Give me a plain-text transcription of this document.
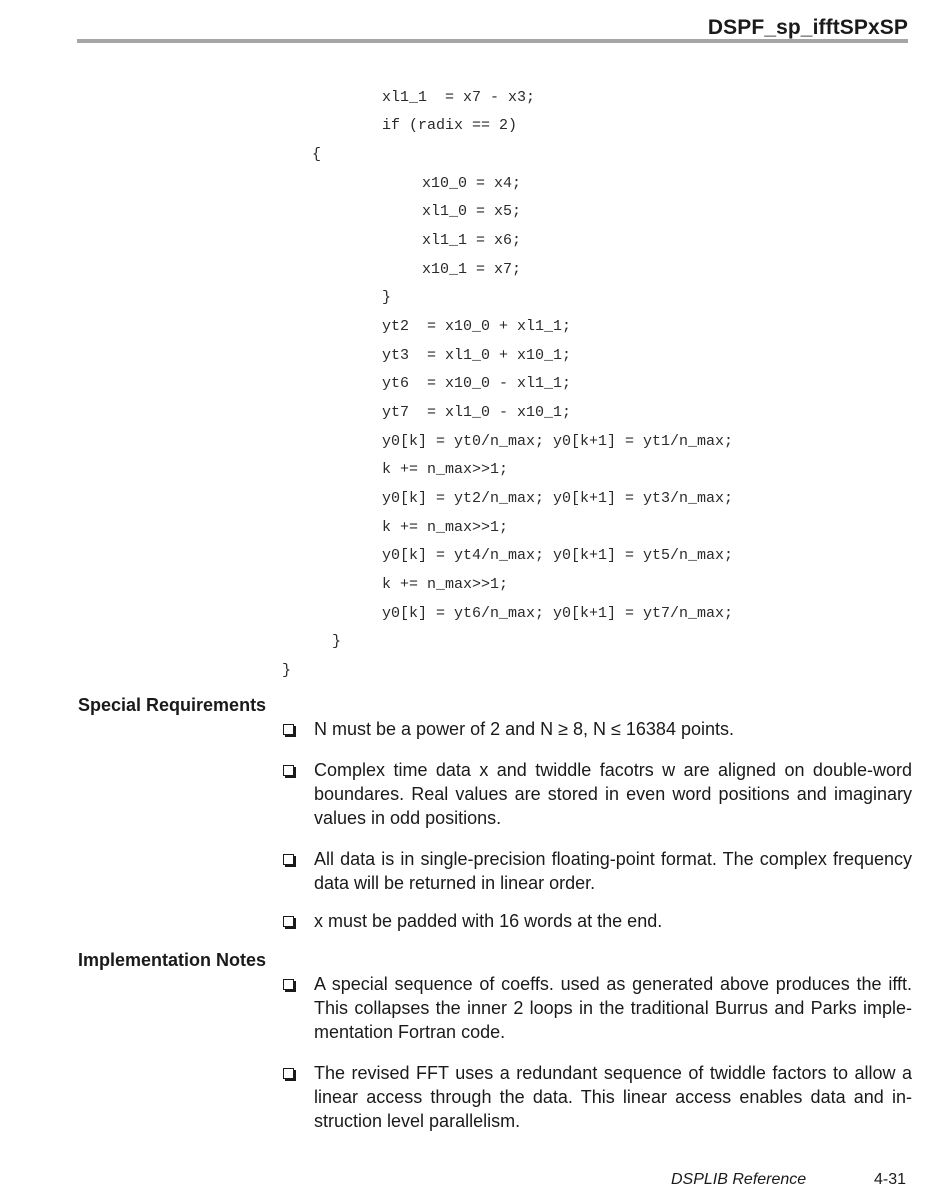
DSPF_sp_ifftSPxSP
xl1_1  = x7 - x3;
if (radix == 2)
{
x10_0 = x4;
xl1_0 = x5;
xl1_1 = x6;
x10_1 = x7;
}
yt2  = x10_0 + xl1_1;
yt3  = xl1_0 + x10_1;
yt6  = x10_0 - xl1_1;
yt7  = xl1_0 - x10_1;
y0[k] = yt0/n_max; y0[k+1] = yt1/n_max;
k += n_max>>1;
y0[k] = yt2/n_max; y0[k+1] = yt3/n_max;
k += n_max>>1;
y0[k] = yt4/n_max; y0[k+1] = yt5/n_max;
k += n_max>>1;
y0[k] = yt6/n_max; y0[k+1] = yt7/n_max;
}
}
Special Requirements
N must be a power of 2 and N ≥ 8, N ≤ 16384 points.
Complex time data x and twiddle facotrs w are aligned on double-word boundares. Real values are stored in even word positions and imaginary values in odd positions.
All data is in single-precision floating-point format. The complex frequency data will be returned in linear order.
x must be padded with 16 words at the end.
Implementation Notes
A special sequence of coeffs. used as generated above produces the ifft. This collapses the inner 2 loops in the traditional Burrus and Parks imple-mentation Fortran code.
The revised FFT uses a redundant sequence of twiddle factors to allow a linear access through the data. This linear access enables data and in-struction level parallelism.
DSPLIB Reference	4-31
